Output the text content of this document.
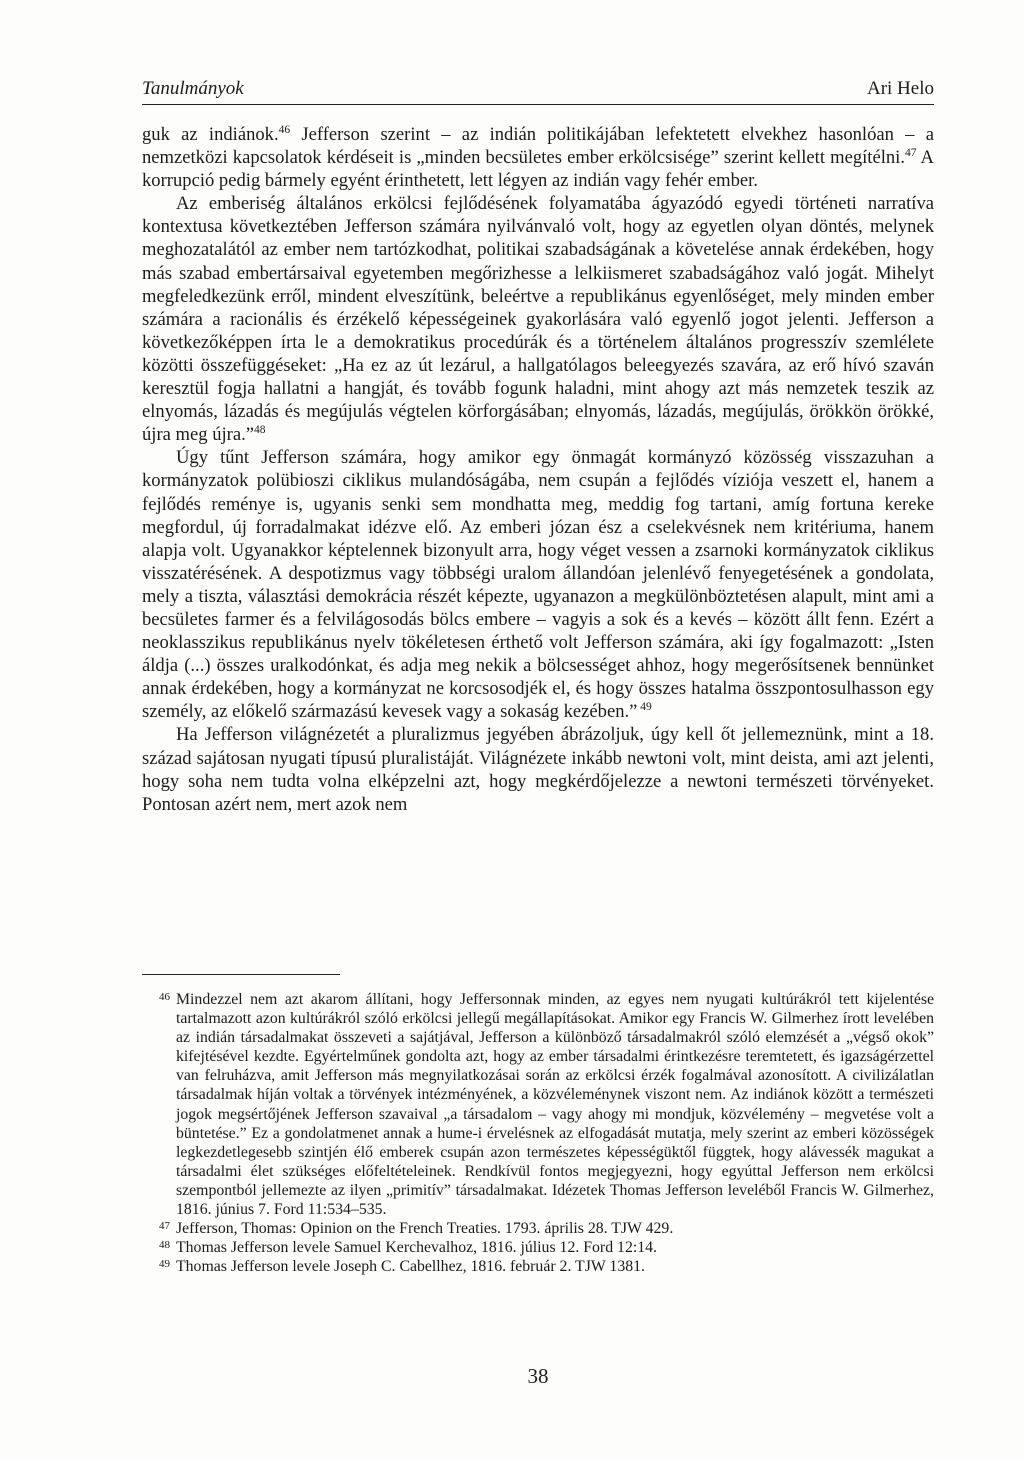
Tanulmányok	Ari Helo

guk az indiánok.$^{46}$ Jefferson szerint – az indián politikájában lefektetett elvekhez hasonlóan – a nemzetközi kapcsolatok kérdéseit is „minden becsületes ember erkölcsisége” szerint kellett megítélni.$^{47}$ A korrupció pedig bármely egyént érinthetett, lett légyen az indián vagy fehér ember.

Az emberiség általános erkölcsi fejlődésének folyamatába ágyazódó egyedi történeti narratíva kontextusa következtében Jefferson számára nyilvánvaló volt, hogy az egyetlen olyan döntés, melynek meghozatalától az ember nem tartózkodhat, politikai szabadságának a követelése annak érdekében, hogy más szabad embertársaival egyetemben megőrizhesse a lelkiismeret szabadságához való jogát. Mihelyt megfeledkezünk erről, mindent elveszítünk, beleértve a republikánus egyenlőséget, mely minden ember számára a racionális és érzékelő képességeinek gyakorlására való egyenlő jogot jelenti. Jefferson a következőképpen írta le a demokratikus procedúrák és a történelem általános progresszív szemlélete közötti összefüggéseket: „Ha ez az út lezárul, a hallgatólagos beleegyezés szavára, az erő hívó szaván keresztül fogja hallatni a hangját, és tovább fogunk haladni, mint ahogy azt más nemzetek teszik az elnyomás, lázadás és megújulás végtelen körforgásában; elnyomás, lázadás, megújulás, örökkön örökké, újra meg újra.”$^{48}$

Úgy tűnt Jefferson számára, hogy amikor egy önmagát kormányzó közösség visszazuhan a kormányzatok polübioszi ciklikus mulandóságába, nem csupán a fejlődés víziója veszett el, hanem a fejlődés reménye is, ugyanis senki sem mondhatta meg, meddig fog tartani, amíg fortuna kereke megfordul, új forradalmakat idézve elő. Az emberi józan ész a cselekvésnek nem kritériuma, hanem alapja volt. Ugyanakkor képtelennek bizonyult arra, hogy véget vessen a zsarnoki kormányzatok ciklikus visszatérésének. A despotizmus vagy többségi uralom állandóan jelenlévő fenyegetésének a gondolata, mely a tiszta, választási demokrácia részét képezte, ugyanazon a megkülönböztetésen alapult, mint ami a becsületes farmer és a felvilágosodás bölcs embere – vagyis a sok és a kevés – között állt fenn. Ezért a neoklasszikus republikánus nyelv tökéletesen érthető volt Jefferson számára, aki így fogalmazott: „Isten áldja (...) összes uralkodónkat, és adja meg nekik a bölcsességet ahhoz, hogy megerősítsenek bennünket annak érdekében, hogy a kormányzat ne korcsosodjék el, és hogy összes hatalma összpontosulhasson egy személy, az előkelő származású kevesek vagy a sokaság kezében.” $^{49}$

Ha Jefferson világnézetét a pluralizmus jegyében ábrázoljuk, úgy kell őt jellemeznünk, mint a 18. század sajátosan nyugati típusú pluralistáját. Világnézete inkább newtoni volt, mint deista, ami azt jelenti, hogy soha nem tudta volna elképzelni azt, hogy megkérdőjelezze a newtoni természeti törvényeket. Pontosan azért nem, mert azok nem

46 Mindezzel nem azt akarom állítani, hogy Jeffersonnak minden, az egyes nem nyugati kultúrákról tett kijelentése tartalmazott azon kultúrákról szóló erkölcsi jellegű megállapításokat. Amikor egy Francis W. Gilmerhez írott levelében az indián társadalmakat összeveti a sajátjával, Jefferson a különböző társadalmakról szóló elemzését a „végső okok” kifejtésével kezdte. Egyértelműnek gondolta azt, hogy az ember társadalmi érintkezésre teremtetett, és igazságérzettel van felruházva, amit Jefferson más megnyilatkozásai során az erkölcsi érzék fogalmával azonosított. A civilizálatlan társadalmak híján voltak a törvények intézményének, a közvéleménynek viszont nem. Az indiánok között a természeti jogok megsértőjének Jefferson szavaival „a társadalom – vagy ahogy mi mondjuk, közvélemény – megvetése volt a büntetése.” Ez a gondolatmenet annak a hume-i érvelésnek az elfogadását mutatja, mely szerint az emberi közösségek legkezdetlegesebb szintjén élő emberek csupán azon természetes képességüktől függtek, hogy alávessék magukat a társadalmi élet szükséges előfeltételeinek. Rendkívül fontos megjegyezni, hogy egyúttal Jefferson nem erkölcsi szempontból jellemezte az ilyen „primitív” társadalmakat. Idézetek Thomas Jefferson leveléből Francis W. Gilmerhez, 1816. június 7. Ford 11:534–535.
47 Jefferson, Thomas: Opinion on the French Treaties. 1793. április 28. TJW 429.
48 Thomas Jefferson levele Samuel Kerchevalhoz, 1816. július 12. Ford 12:14.
49 Thomas Jefferson levele Joseph C. Cabellhez, 1816. február 2. TJW 1381.
38
